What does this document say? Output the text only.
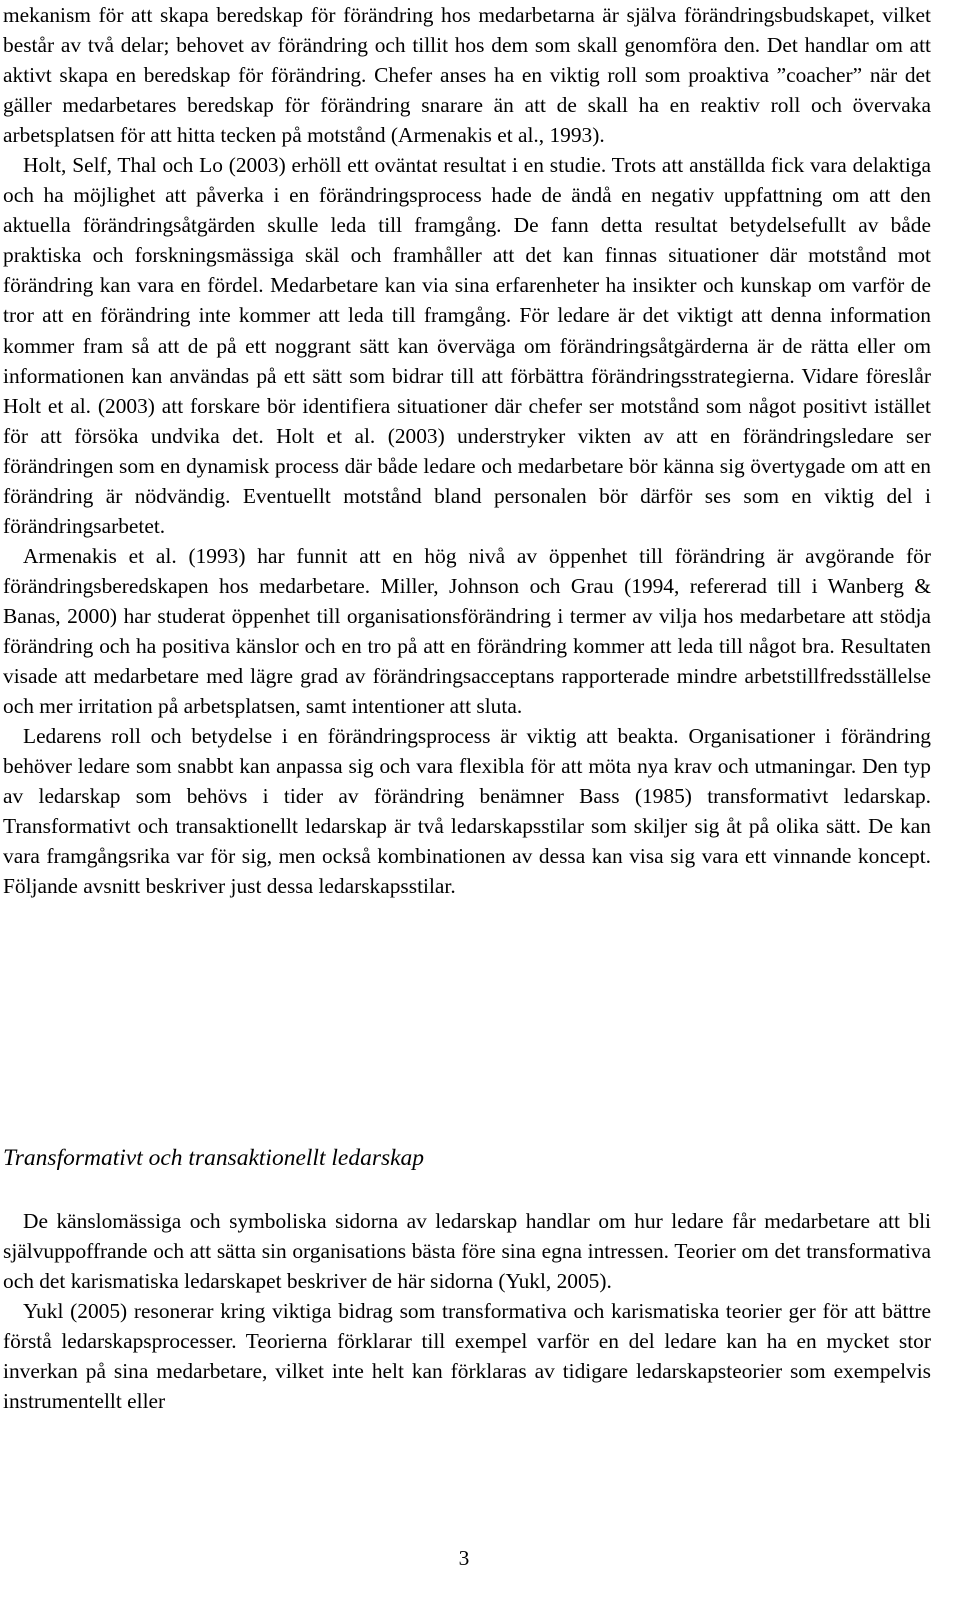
mekanism för att skapa beredskap för förändring hos medarbetarna är själva förändringsbudskapet, vilket består av två delar; behovet av förändring och tillit hos dem som skall genomföra den. Det handlar om att aktivt skapa en beredskap för förändring. Chefer anses ha en viktig roll som proaktiva ”coacher” när det gäller medarbetares beredskap för förändring snarare än att de skall ha en reaktiv roll och övervaka arbetsplatsen för att hitta tecken på motstånd (Armenakis et al., 1993).

Holt, Self, Thal och Lo (2003) erhöll ett oväntat resultat i en studie. Trots att anställda fick vara delaktiga och ha möjlighet att påverka i en förändringsprocess hade de ändå en negativ uppfattning om att den aktuella förändringsåtgärden skulle leda till framgång. De fann detta resultat betydelsefullt av både praktiska och forskningsmässiga skäl och framhåller att det kan finnas situationer där motstånd mot förändring kan vara en fördel. Medarbetare kan via sina erfarenheter ha insikter och kunskap om varför de tror att en förändring inte kommer att leda till framgång. För ledare är det viktigt att denna information kommer fram så att de på ett noggrant sätt kan överväga om förändringsåtgärderna är de rätta eller om informationen kan användas på ett sätt som bidrar till att förbättra förändringsstrategierna. Vidare föreslår Holt et al. (2003) att forskare bör identifiera situationer där chefer ser motstånd som något positivt istället för att försöka undvika det. Holt et al. (2003) understryker vikten av att en förändringsledare ser förändringen som en dynamisk process där både ledare och medarbetare bör känna sig övertygade om att en förändring är nödvändig. Eventuellt motstånd bland personalen bör därför ses som en viktig del i förändringsarbetet.

Armenakis et al. (1993) har funnit att en hög nivå av öppenhet till förändring är avgörande för förändringsberedskapen hos medarbetare. Miller, Johnson och Grau (1994, refererad till i Wanberg & Banas, 2000) har studerat öppenhet till organisationsförändring i termer av vilja hos medarbetare att stödja förändring och ha positiva känslor och en tro på att en förändring kommer att leda till något bra. Resultaten visade att medarbetare med lägre grad av förändringsacceptans rapporterade mindre arbetstillfredsställelse och mer irritation på arbetsplatsen, samt intentioner att sluta.

Ledarens roll och betydelse i en förändringsprocess är viktig att beakta. Organisationer i förändring behöver ledare som snabbt kan anpassa sig och vara flexibla för att möta nya krav och utmaningar. Den typ av ledarskap som behövs i tider av förändring benämner Bass (1985) transformativt ledarskap. Transformativt och transaktionellt ledarskap är två ledarskapsstilar som skiljer sig åt på olika sätt. De kan vara framgångsrika var för sig, men också kombinationen av dessa kan visa sig vara ett vinnande koncept. Följande avsnitt beskriver just dessa ledarskapsstilar.

Transformativt och transaktionellt ledarskap

De känslomässiga och symboliska sidorna av ledarskap handlar om hur ledare får medarbetare att bli självuppoffrande och att sätta sin organisations bästa före sina egna intressen. Teorier om det transformativa och det karismatiska ledarskapet beskriver de här sidorna (Yukl, 2005).

Yukl (2005) resonerar kring viktiga bidrag som transformativa och karismatiska teorier ger för att bättre förstå ledarskapsprocesser. Teorierna förklarar till exempel varför en del ledare kan ha en mycket stor inverkan på sina medarbetare, vilket inte helt kan förklaras av tidigare ledarskapsteorier som exempelvis instrumentellt eller

3
